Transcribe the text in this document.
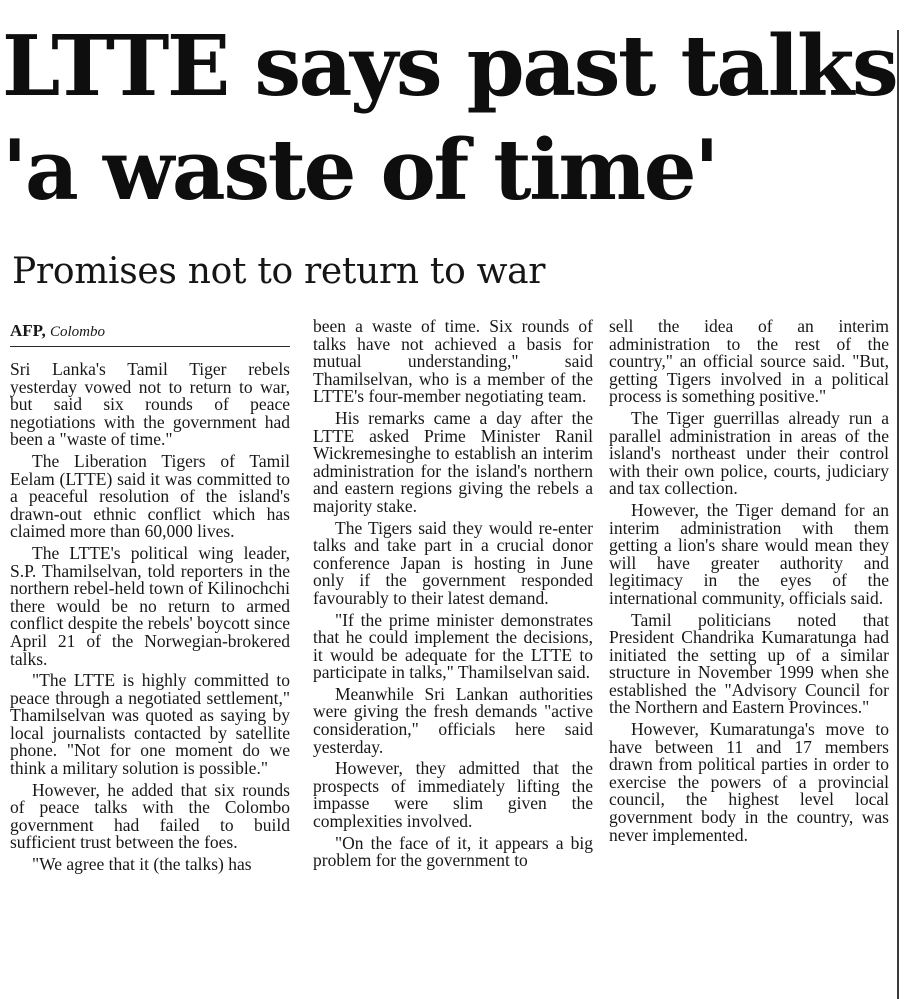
LTTE says past talks
'a waste of time'
Promises not to return to war
AFP, Colombo

Sri Lanka's Tamil Tiger rebels yesterday vowed not to return to war, but said six rounds of peace negotiations with the government had been a "waste of time."

The Liberation Tigers of Tamil Eelam (LTTE) said it was committed to a peaceful resolution of the island's drawn-out ethnic conflict which has claimed more than 60,000 lives.

The LTTE's political wing leader, S.P. Thamilselvan, told reporters in the northern rebel-held town of Kilinochchi there would be no return to armed conflict despite the rebels' boycott since April 21 of the Norwegian-brokered talks.

"The LTTE is highly committed to peace through a negotiated settlement," Thamilselvan was quoted as saying by local journalists contacted by satellite phone. "Not for one moment do we think a military solution is possible."

However, he added that six rounds of peace talks with the Colombo government had failed to build sufficient trust between the foes.

"We agree that it (the talks) has

been a waste of time. Six rounds of talks have not achieved a basis for mutual understanding," said Thamilselvan, who is a member of the LTTE's four-member negotiating team.

His remarks came a day after the LTTE asked Prime Minister Ranil Wickremesinghe to establish an interim administration for the island's northern and eastern regions giving the rebels a majority stake.

The Tigers said they would re-enter talks and take part in a crucial donor conference Japan is hosting in June only if the government responded favourably to their latest demand.

"If the prime minister demonstrates that he could implement the decisions, it would be adequate for the LTTE to participate in talks," Thamilselvan said.

Meanwhile Sri Lankan authorities were giving the fresh demands "active consideration," officials here said yesterday.

However, they admitted that the prospects of immediately lifting the impasse were slim given the complexities involved.

"On the face of it, it appears a big problem for the government to

sell the idea of an interim administration to the rest of the country," an official source said. "But, getting Tigers involved in a political process is something positive."

The Tiger guerrillas already run a parallel administration in areas of the island's northeast under their control with their own police, courts, judiciary and tax collection.

However, the Tiger demand for an interim administration with them getting a lion's share would mean they will have greater authority and legitimacy in the eyes of the international community, officials said.

Tamil politicians noted that President Chandrika Kumaratunga had initiated the setting up of a similar structure in November 1999 when she established the "Advisory Council for the Northern and Eastern Provinces."

However, Kumaratunga's move to have between 11 and 17 members drawn from political parties in order to exercise the powers of a provincial council, the highest level local government body in the country, was never implemented.
